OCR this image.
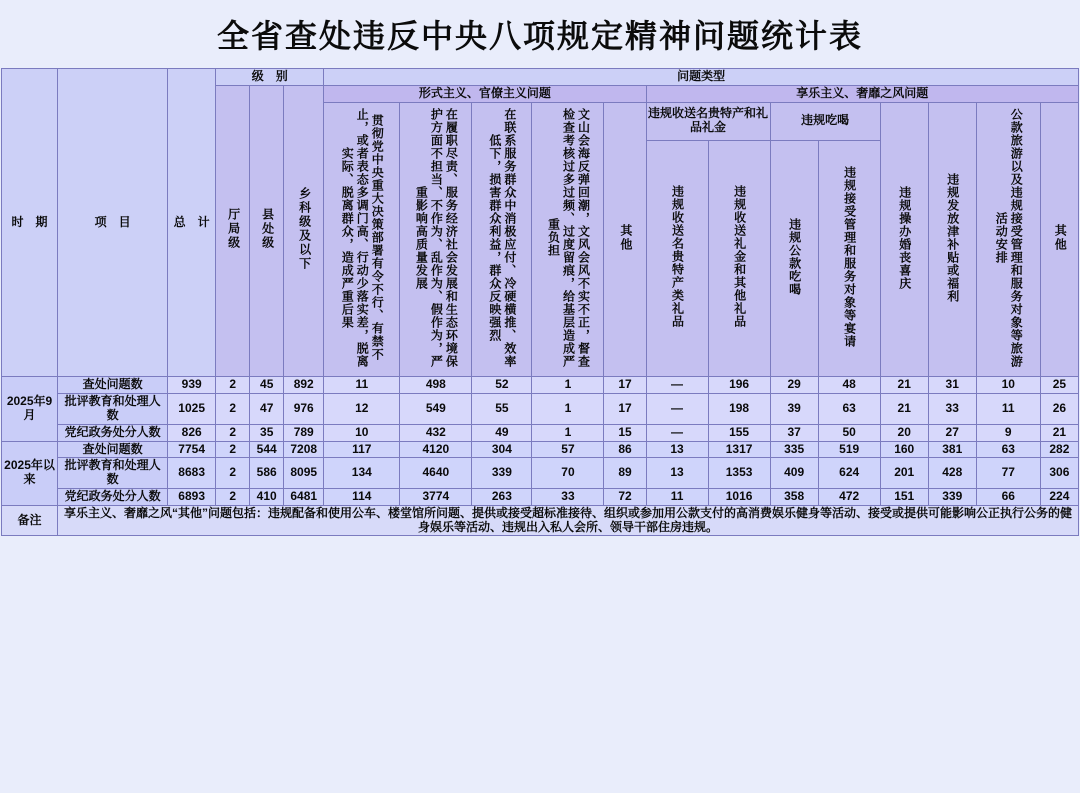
全省查处违反中央八项规定精神问题统计表
时　期	项　目	总　计	级　别			问题类型												
			厅局级	县处级	乡科级及以下	形式主义、官僚主义问题					享乐主义、奢靡之风问题							
						贯彻党中央重大决策部署有令不行、有禁不止，或者表态多调门高、行动少落实差，脱离实际、脱离群众，造成严重后果	在履职尽责、服务经济社会发展和生态环境保护方面不担当、不作为、乱作为、假作为，严重影响高质量发展	在联系服务群众中消极应付、冷硬横推、效率低下，损害群众利益，群众反映强烈	文山会海反弹回潮，文风会风不实不正，督查检查考核过多过频、过度留痕，给基层造成严重负担	其他	违规收送名贵特产和礼品礼金		违规吃喝		违规操办婚丧喜庆	违规发放津补贴或福利	公款旅游以及违规接受管理和服务对象等旅游活动安排	其他
											违规收送名贵特产类礼品	违规收送礼金和其他礼品	违规公款吃喝	违规接受管理和服务对象等宴请				
2025年9月	查处问题数	939	2	45	892	11	498	52	1	17	—	196	29	48	21	31	10	25
	批评教育和处理人数	1025	2	47	976	12	549	55	1	17	—	198	39	63	21	33	11	26
	党纪政务处分人数	826	2	35	789	10	432	49	1	15	—	155	37	50	20	27	9	21
2025年以来	查处问题数	7754	2	544	7208	117	4120	304	57	86	13	1317	335	519	160	381	63	282
	批评教育和处理人数	8683	2	586	8095	134	4640	339	70	89	13	1353	409	624	201	428	77	306
	党纪政务处分人数	6893	2	410	6481	114	3774	263	33	72	11	1016	358	472	151	339	66	224
备注	享乐主义、奢靡之风“其他”问题包括：违规配备和使用公车、楼堂馆所问题、提供或接受超标准接待、组织或参加用公款支付的高消费娱乐健身等活动、接受或提供可能影响公正执行公务的健身娱乐等活动、违规出入私人会所、领导干部住房违规。																	
